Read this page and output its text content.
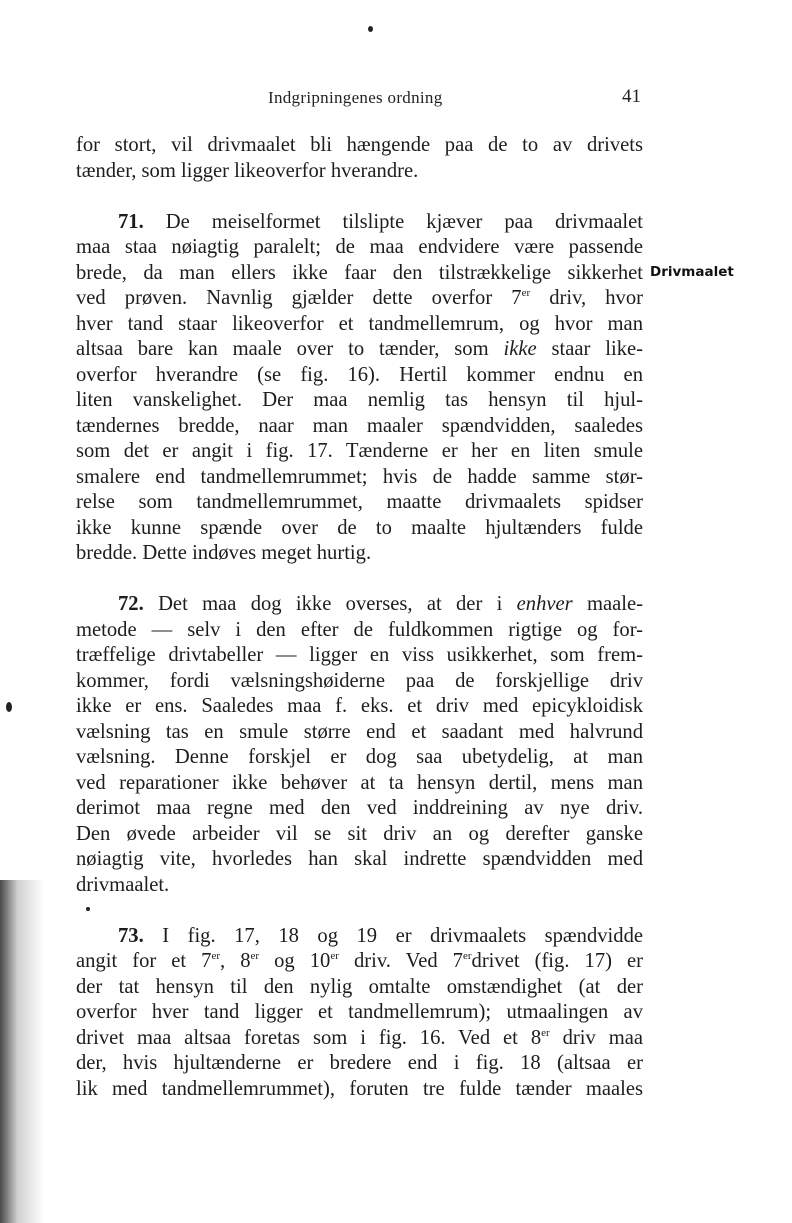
Indgripningenes ordning	41
Drivmaalet
for stort, vil drivmaalet bli hængende paa de to av drivets
tænder, som ligger likeoverfor hverandre.
71. De meiselformet tilslipte kjæver paa drivmaalet
maa staa nøiagtig paralelt; de maa endvidere være passende
brede, da man ellers ikke faar den tilstrækkelige sikkerhet
ved prøven. Navnlig gjælder dette overfor 7er driv, hvor
hver tand staar likeoverfor et tandmellemrum, og hvor man
altsaa bare kan maale over to tænder, som ikke staar like-
overfor hverandre (se fig. 16). Hertil kommer endnu en
liten vanskelighet. Der maa nemlig tas hensyn til hjul-
tændernes bredde, naar man maaler spændvidden, saaledes
som det er angit i fig. 17. Tænderne er her en liten smule
smalere end tandmellemrummet; hvis de hadde samme stør-
relse som tandmellemrummet, maatte drivmaalets spidser
ikke kunne spænde over de to maalte hjultænders fulde
bredde. Dette indøves meget hurtig.
72. Det maa dog ikke overses, at der i enhver maale-
metode — selv i den efter de fuldkommen rigtige og for-
træffelige drivtabeller — ligger en viss usikkerhet, som frem-
kommer, fordi vælsningshøiderne paa de forskjellige driv
ikke er ens. Saaledes maa f. eks. et driv med epicykloidisk
vælsning tas en smule større end et saadant med halvrund
vælsning. Denne forskjel er dog saa ubetydelig, at man
ved reparationer ikke behøver at ta hensyn dertil, mens man
derimot maa regne med den ved inddreining av nye driv.
Den øvede arbeider vil se sit driv an og derefter ganske
nøiagtig vite, hvorledes han skal indrette spændvidden med
drivmaalet.
73. I fig. 17, 18 og 19 er drivmaalets spændvidde
angit for et 7er, 8er og 10er driv. Ved 7erdrivet (fig. 17) er
der tat hensyn til den nylig omtalte omstændighet (at der
overfor hver tand ligger et tandmellemrum); utmaalingen av
drivet maa altsaa foretas som i fig. 16. Ved et 8er driv maa
der, hvis hjultænderne er bredere end i fig. 18 (altsaa er
lik med tandmellemrummet), foruten tre fulde tænder maales
